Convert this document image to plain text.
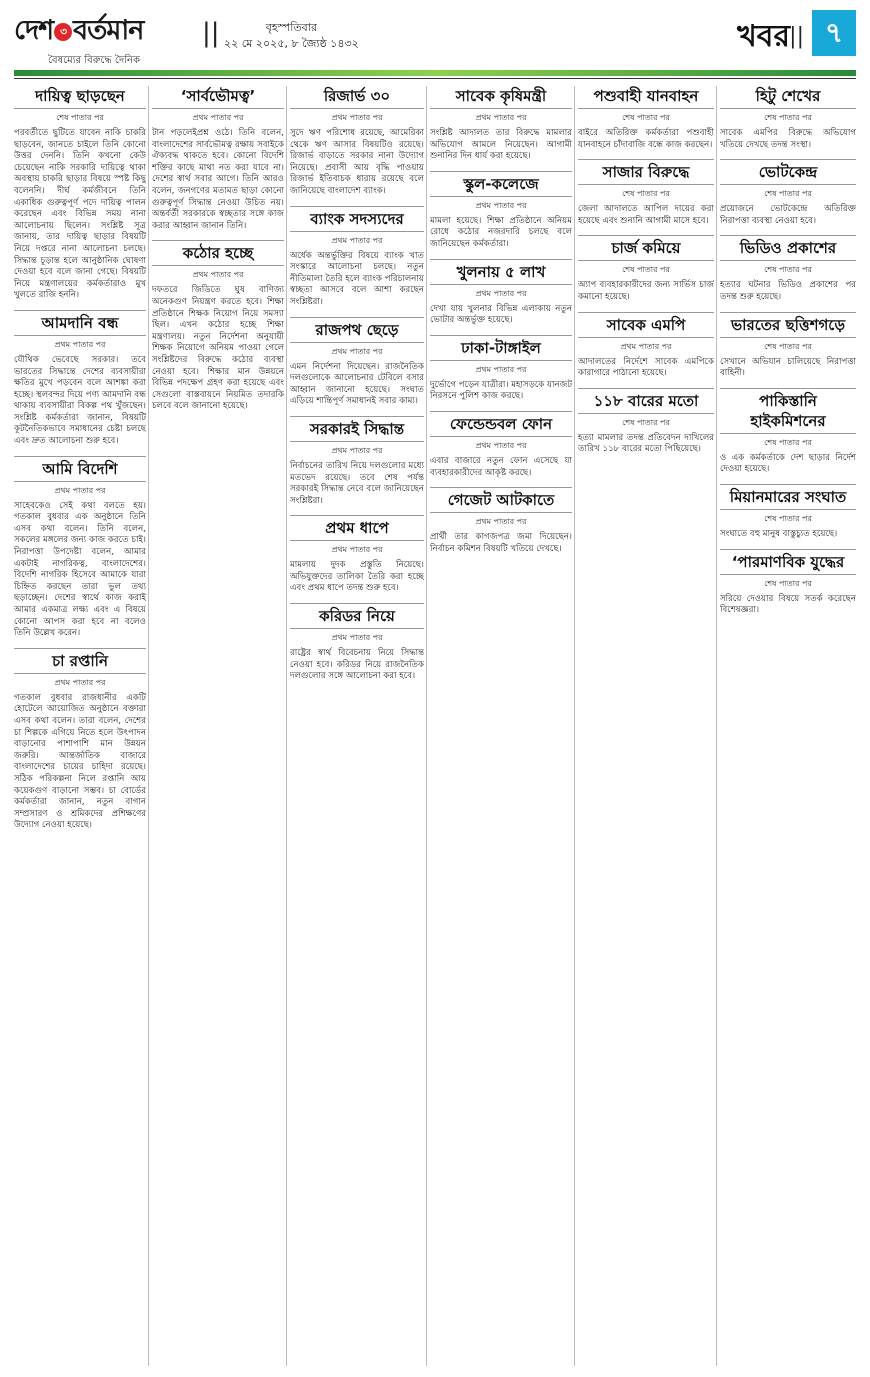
দেশ ৩ বর্তমান
বৈষম্যের বিরুদ্ধে দৈনিক
||	বৃহস্পতিবার
২২ মে ২০২৫, ৮ জ্যৈষ্ঠ ১৪৩২	খবর || ৭
দায়িত্ব ছাড়ছেন
শেষ পাতার পর
পরবর্তীতে ছুটিতে যাবেন নাকি চাকরি ছাড়বেন, জানতে চাইলে তিনি কোনো উত্তর দেননি। তিনি কখনো কেউ চেয়েছেন নাকি সরকারি দায়িত্বে থাকা অবস্থায় চাকরি ছাড়ার বিষয়ে স্পষ্ট কিছু বলেননি। দীর্ঘ কর্মজীবনে তিনি একাধিক গুরুত্বপূর্ণ পদে দায়িত্ব পালন করেছেন এবং বিভিন্ন সময় নানা আলোচনায় ছিলেন। সংশ্লিষ্ট সূত্র জানায়, তার দায়িত্ব ছাড়ার বিষয়টি নিয়ে দপ্তরে নানা আলোচনা চলছে। সিদ্ধান্ত চূড়ান্ত হলে আনুষ্ঠানিক ঘোষণা দেওয়া হবে বলে জানা গেছে। বিষয়টি নিয়ে মন্ত্রণালয়ের কর্মকর্তারাও মুখ খুলতে রাজি হননি।
আমদানি বন্ধ
প্রথম পাতার পর
যৌথিক ভেবেছে সরকার। তবে ভারতের সিদ্ধান্তে দেশের ব্যবসায়ীরা ক্ষতির মুখে পড়বেন বলে আশঙ্কা করা হচ্ছে। স্থলবন্দর দিয়ে পণ্য আমদানি বন্ধ থাকায় ব্যবসায়ীরা বিকল্প পথ খুঁজছেন। সংশ্লিষ্ট কর্মকর্তারা জানান, বিষয়টি কূটনৈতিকভাবে সমাধানের চেষ্টা চলছে এবং দ্রুত আলোচনা শুরু হবে।
আমি বিদেশি
প্রথম পাতার পর
সাহেবকেও সেই কথা বলতে হয়। গতকাল বুধবার এক অনুষ্ঠানে তিনি এসব কথা বলেন। তিনি বলেন, সকলের মঙ্গলের জন্য কাজ করতে চাই। নিরাপত্তা উপদেষ্টা বলেন, আমার একটাই নাগরিকত্ব, বাংলাদেশের। বিদেশি নাগরিক হিসেবে আমাকে যারা চিহ্নিত করছেন তারা ভুল তথ্য ছড়াচ্ছেন। দেশের স্বার্থে কাজ করাই আমার একমাত্র লক্ষ্য এবং এ বিষয়ে কোনো আপস করা হবে না বলেও তিনি উল্লেখ করেন।
চা রপ্তানি
প্রথম পাতার পর
গতকাল বুধবার রাজধানীর একটি হোটেলে আয়োজিত অনুষ্ঠানে বক্তারা এসব কথা বলেন। তারা বলেন, দেশের চা শিল্পকে এগিয়ে নিতে হলে উৎপাদন বাড়ানোর পাশাপাশি মান উন্নয়ন জরুরি। আন্তর্জাতিক বাজারে বাংলাদেশের চায়ের চাহিদা রয়েছে। সঠিক পরিকল্পনা নিলে রপ্তানি আয় কয়েকগুণ বাড়ানো সম্ভব। চা বোর্ডের কর্মকর্তারা জানান, নতুন বাগান সম্প্রসারণ ও শ্রমিকদের প্রশিক্ষণের উদ্যোগ নেওয়া হয়েছে।
‘সার্বভৌমত্ব’
প্রথম পাতার পর
টান পড়লেইপ্রশ্ন ওঠে। তিনি বলেন, বাংলাদেশের সার্বভৌমত্ব রক্ষায় সবাইকে ঐক্যবদ্ধ থাকতে হবে। কোনো বিদেশি শক্তির কাছে মাথা নত করা যাবে না। দেশের স্বার্থ সবার আগে। তিনি আরও বলেন, জনগণের মতামত ছাড়া কোনো গুরুত্বপূর্ণ সিদ্ধান্ত নেওয়া উচিত নয়। অন্তর্বর্তী সরকারকে স্বচ্ছতার সঙ্গে কাজ করার আহ্বান জানান তিনি।
কঠোর হচ্ছে
প্রথম পাতার পর
দফতরে জিডিতে ঘুষ বাণিজ্য অনেকগুণ নিয়ন্ত্রণ করতে হবে। শিক্ষা প্রতিষ্ঠানে শিক্ষক নিয়োগ নিয়ে সমস্যা ছিল। এখন কঠোর হচ্ছে শিক্ষা মন্ত্রণালয়। নতুন নির্দেশনা অনুযায়ী শিক্ষক নিয়োগে অনিয়ম পাওয়া গেলে সংশ্লিষ্টদের বিরুদ্ধে কঠোর ব্যবস্থা নেওয়া হবে। শিক্ষার মান উন্নয়নে বিভিন্ন পদক্ষেপ গ্রহণ করা হয়েছে এবং সেগুলো বাস্তবায়নে নিয়মিত তদারকি চলবে বলে জানানো হয়েছে।
রিজার্ভ ৩০
প্রথম পাতার পর
সুদে ঋণ পরিশোধ রয়েছে, আমেরিকা থেকে ঋণ আসার বিষয়টিও রয়েছে। রিজার্ভ বাড়াতে সরকার নানা উদ্যোগ নিয়েছে। প্রবাসী আয় বৃদ্ধি পাওয়ায় রিজার্ভ ইতিবাচক ধারায় রয়েছে বলে জানিয়েছে বাংলাদেশ ব্যাংক।
ব্যাংক সদস্যদের
প্রথম পাতার পর
অর্ধেক অন্তর্ভুক্তির বিষয়ে ব্যাংক খাত সংস্কারে আলোচনা চলছে। নতুন নীতিমালা তৈরি হলে ব্যাংক পরিচালনায় স্বচ্ছতা আসবে বলে আশা করছেন সংশ্লিষ্টরা।
রাজপথ ছেড়ে
প্রথম পাতার পর
এমন নির্দেশনা দিয়েছেন। রাজনৈতিক দলগুলোকে আলোচনার টেবিলে বসার আহ্বান জানানো হয়েছে। সংঘাত এড়িয়ে শান্তিপূর্ণ সমাধানই সবার কাম্য।
সরকারই সিদ্ধান্ত
প্রথম পাতার পর
নির্বাচনের তারিখ নিয়ে দলগুলোর মধ্যে মতভেদ রয়েছে। তবে শেষ পর্যন্ত সরকারই সিদ্ধান্ত নেবে বলে জানিয়েছেন সংশ্লিষ্টরা।
প্রথম ধাপে
প্রথম পাতার পর
মামলায় দুদক প্রস্তুতি নিয়েছে। অভিযুক্তদের তালিকা তৈরি করা হচ্ছে এবং প্রথম ধাপে তদন্ত শুরু হবে।
করিডর নিয়ে
প্রথম পাতার পর
রাষ্ট্রের স্বার্থ বিবেচনায় নিয়ে সিদ্ধান্ত নেওয়া হবে। করিডর নিয়ে রাজনৈতিক দলগুলোর সঙ্গে আলোচনা করা হবে।
সাবেক কৃষিমন্ত্রী
প্রথম পাতার পর
সংশ্লিষ্ট আদালত তার বিরুদ্ধে মামলার অভিযোগ আমলে নিয়েছেন। আগামী শুনানির দিন ধার্য করা হয়েছে।
স্কুল-কলেজে
প্রথম পাতার পর
মামলা হয়েছে। শিক্ষা প্রতিষ্ঠানে অনিয়ম রোধে কঠোর নজরদারি চলছে বলে জানিয়েছেন কর্মকর্তারা।
খুলনায় ৫ লাখ
প্রথম পাতার পর
দেখা যায় খুলনার বিভিন্ন এলাকায় নতুন ভোটার অন্তর্ভুক্ত হয়েছে।
ঢাকা-টাঙ্গাইল
প্রথম পাতার পর
দুর্ভোগে পড়েন যাত্রীরা। মহাসড়কে যানজট নিরসনে পুলিশ কাজ করছে।
ফেন্ডেন্ডবল ফোন
প্রথম পাতার পর
এবার বাজারে নতুন ফোন এসেছে যা ব্যবহারকারীদের আকৃষ্ট করছে।
গেজেট আটকাতে
প্রথম পাতার পর
প্রার্থী তার কাগজপত্র জমা দিয়েছেন। নির্বাচন কমিশন বিষয়টি খতিয়ে দেখছে।
পশুবাহী যানবাহন
শেষ পাতার পর
বাইরে অতিরিক্ত কর্মকর্তারা পশুবাহী যানবাহনে চাঁদাবাজি বন্ধে কাজ করছেন।
সাজার বিরুদ্ধে
শেষ পাতার পর
জেলা আদালতে আপিল দায়ের করা হয়েছে এবং শুনানি আগামী মাসে হবে।
চার্জ কমিয়ে
শেষ পাতার পর
অ্যাপ ব্যবহারকারীদের জন্য সার্ভিস চার্জ কমানো হয়েছে।
সাবেক এমপি
প্রথম পাতার পর
আদালতের নির্দেশে সাবেক এমপিকে কারাগারে পাঠানো হয়েছে।
১১৮ বারের মতো
শেষ পাতার পর
হত্যা মামলার তদন্ত প্রতিবেদন দাখিলের তারিখ ১১৮ বারের মতো পিছিয়েছে।
হিটু শেখের
শেষ পাতার পর
সাবেক এমপির বিরুদ্ধে অভিযোগ খতিয়ে দেখছে তদন্ত সংস্থা।
ভোটকেন্দ্র
শেষ পাতার পর
প্রয়োজনে ভোটকেন্দ্রে অতিরিক্ত নিরাপত্তা ব্যবস্থা নেওয়া হবে।
ভিডিও প্রকাশের
শেষ পাতার পর
হত্যার ঘটনার ভিডিও প্রকাশের পর তদন্ত শুরু হয়েছে।
ভারতের ছত্তিশগড়ে
শেষ পাতার পর
সেখানে অভিযান চালিয়েছে নিরাপত্তা বাহিনী।
পাকিস্তানি হাইকমিশনের
শেষ পাতার পর
ও এক কর্মকর্তাকে দেশ ছাড়ার নির্দেশ দেওয়া হয়েছে।
মিয়ানমারের সংঘাত
শেষ পাতার পর
সংঘাতে বহু মানুষ বাস্তুচ্যুত হয়েছে।
‘পারমাণবিক যুদ্ধের
শেষ পাতার পর
সরিয়ে দেওয়ার বিষয়ে সতর্ক করেছেন বিশেষজ্ঞরা।
